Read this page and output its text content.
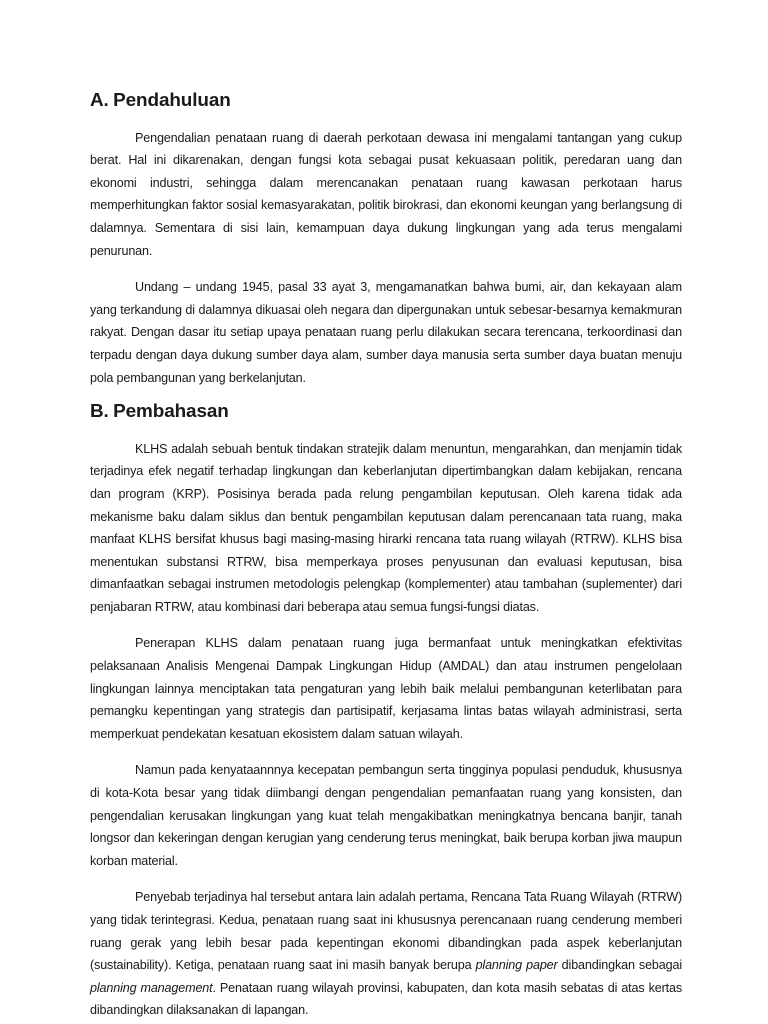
A. Pendahuluan

Pengendalian penataan ruang di daerah perkotaan dewasa ini mengalami tantangan yang cukup berat. Hal ini dikarenakan, dengan fungsi kota sebagai pusat kekuasaan politik, peredaran uang dan ekonomi industri, sehingga dalam merencanakan penataan ruang kawasan perkotaan harus memperhitungkan faktor sosial kemasyarakatan, politik birokrasi, dan ekonomi keungan yang berlangsung di dalamnya. Sementara di sisi lain, kemampuan daya dukung lingkungan yang ada terus mengalami penurunan.

Undang – undang 1945, pasal 33 ayat 3, mengamanatkan bahwa bumi, air, dan kekayaan alam yang terkandung di dalamnya dikuasai oleh negara dan dipergunakan untuk sebesar-besarnya kemakmuran rakyat. Dengan dasar itu setiap upaya penataan ruang perlu dilakukan secara terencana, terkoordinasi dan terpadu dengan daya dukung sumber daya alam, sumber daya manusia serta sumber daya buatan menuju pola pembangunan yang berkelanjutan.

B. Pembahasan

KLHS adalah sebuah bentuk tindakan stratejik dalam menuntun, mengarahkan, dan menjamin tidak terjadinya efek negatif terhadap lingkungan dan keberlanjutan dipertimbangkan dalam kebijakan, rencana dan program (KRP). Posisinya berada pada relung pengambilan keputusan. Oleh karena tidak ada mekanisme baku dalam siklus dan bentuk pengambilan keputusan dalam perencanaan tata ruang, maka manfaat KLHS bersifat khusus bagi masing-masing hirarki rencana tata ruang wilayah (RTRW). KLHS bisa menentukan substansi RTRW, bisa memperkaya proses penyusunan dan evaluasi keputusan, bisa dimanfaatkan sebagai instrumen metodologis pelengkap (komplementer) atau tambahan (suplementer) dari penjabaran RTRW, atau kombinasi dari beberapa atau semua fungsi-fungsi diatas.

Penerapan KLHS dalam penataan ruang juga bermanfaat untuk meningkatkan efektivitas pelaksanaan Analisis Mengenai Dampak Lingkungan Hidup (AMDAL) dan atau instrumen pengelolaan lingkungan lainnya menciptakan tata pengaturan yang lebih baik melalui pembangunan keterlibatan para pemangku kepentingan yang strategis dan partisipatif, kerjasama lintas batas wilayah administrasi, serta memperkuat pendekatan kesatuan ekosistem dalam satuan wilayah.

Namun pada kenyataannnya kecepatan pembangun serta tingginya populasi penduduk, khususnya di kota-Kota besar yang tidak diimbangi dengan pengendalian pemanfaatan ruang yang konsisten, dan pengendalian kerusakan lingkungan yang kuat telah mengakibatkan meningkatnya bencana banjir, tanah longsor dan kekeringan dengan kerugian yang cenderung terus meningkat, baik berupa korban jiwa maupun korban material.

Penyebab terjadinya hal tersebut antara lain adalah pertama, Rencana Tata Ruang Wilayah (RTRW) yang tidak terintegrasi. Kedua, penataan ruang saat ini khususnya perencanaan ruang cenderung memberi ruang gerak yang lebih besar pada kepentingan ekonomi dibandingkan pada aspek keberlanjutan (sustainability). Ketiga, penataan ruang saat ini masih banyak berupa planning paper dibandingkan sebagai planning management. Penataan ruang wilayah provinsi, kabupaten, dan kota masih sebatas di atas kertas dibandingkan dilaksanakan di lapangan.
